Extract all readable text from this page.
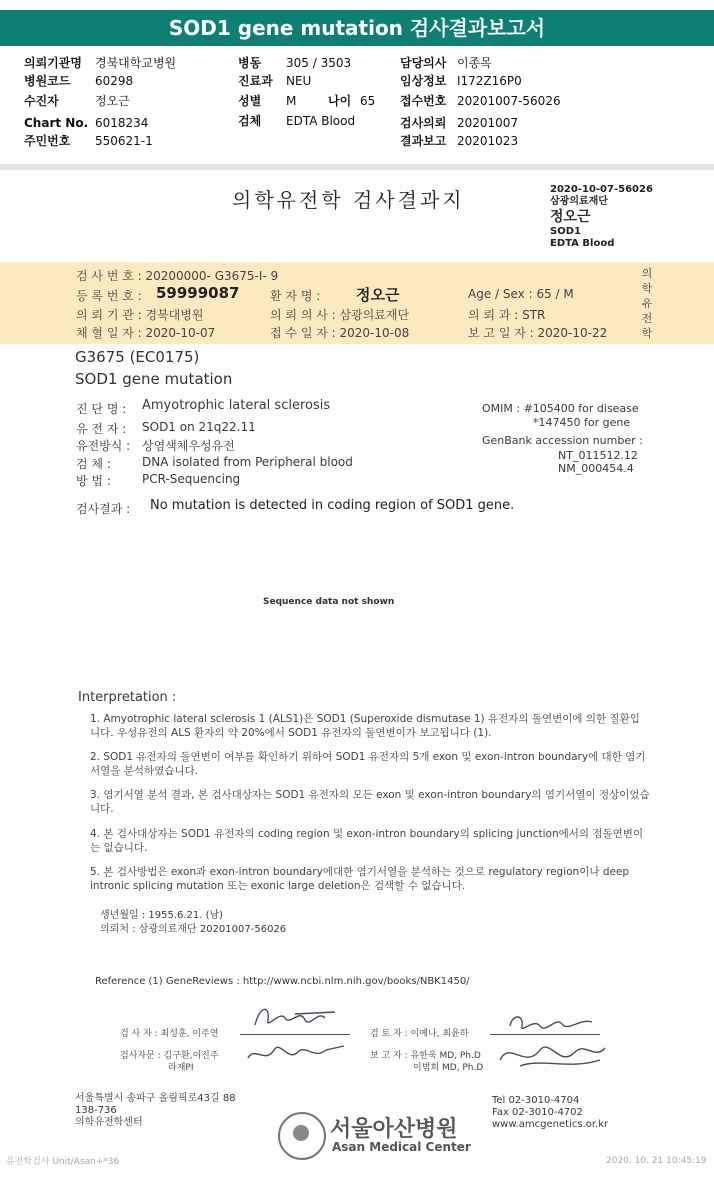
SOD1 gene mutation 검사결과보고서
의뢰기관명 경북대학교병원
병원코드 60298
수진자	정오근
Chart No. 6018234
주민번호 550621-1
병동 305 / 3503
진료과 NEU
성별 M	나이 65
검체 EDTA Blood
담당의사 이종목
임상정보 I172Z16P0
접수번호 20201007-56026
검사의뢰 20201007
결과보고 20201023
의학유전학 검사결과지	2020-10-07-56026
삼광의료재단
정오근
SOD1
EDTA Blood
검 사 번 호 : 20200000- G3675-I- 9
등 록 번 호 : 59999087	환 자 명 : 정오근	Age / Sex : 65 / M
의 뢰 기 관 : 경북대병원	의 뢰 의 사 : 삼광의료재단	의 뢰 과 : STR
채 혈 일 자 : 2020-10-07	접 수 일 자 : 2020-10-08	보 고 일 자 : 2020-10-22
의학유전학
G3675 (EC0175)
SOD1 gene mutation
진 단 명 : Amyotrophic lateral sclerosis
유 전 자 : SOD1 on 21q22.11
유전방식 : 상염색체우성유전
검 체 :	DNA isolated from Peripheral blood
방 법 :	PCR-Sequencing
OMIM : #105400 for disease
*147450 for gene
GenBank accession number :
NT_011512.12
NM_000454.4
검사결과 : No mutation is detected in coding region of SOD1 gene.
Sequence data not shown
Interpretation :
1. Amyotrophic lateral sclerosis 1 (ALS1)은 SOD1 (Superoxide dismutase 1) 유전자의 돌연변이에 의한 질환입니다. 우성유전의 ALS 환자의 약 20%에서 SOD1 유전자의 돌연변이가 보고됩니다 (1).
2. SOD1 유전자의 돌연변이 여부를 확인하기 위하여 SOD1 유전자의 5개 exon 및 exon-intron boundary에 대한 염기서열을 분석하였습니다.
3. 염기서열 분석 결과, 본 검사대상자는 SOD1 유전자의 모든 exon 및 exon-intron boundary의 염기서열이 정상이었습니다.
4. 본 검사대상자는 SOD1 유전자의 coding region 및 exon-intron boundary의 splicing junction에서의 점돌연변이는 없습니다.
5. 본 검사방법은 exon과 exon-intron boundary에대한 염기서열을 분석하는 것으로 regulatory region이나 deep intronic splicing mutation 또는 exonic large deletion은 검색할 수 없습니다.
생년월일 : 1955.6.21. (남)
의뢰처 : 삼광의료재단 20201007-56026
Reference (1) GeneReviews : http://www.ncbi.nlm.nih.gov/books/NBK1450/
검 사 자 : 최성훈, 이주연	검 토 자 : 이예나, 최윤하
검사자문 : 김구환,이진주
라재PI
보 고 자 : 유한욱 MD, Ph.D
이범희 MD, Ph.D
서울특별시 송파구 올림픽로43길 88
138-736
의학유전학센터	서울아산병원
Asan Medical Center
Tel 02-3010-4704
Fax 02-3010-4702
www.amcgenetics.or.kr
유전학검사 Unit/Asan+*36	2020. 10. 21 10:45:19
